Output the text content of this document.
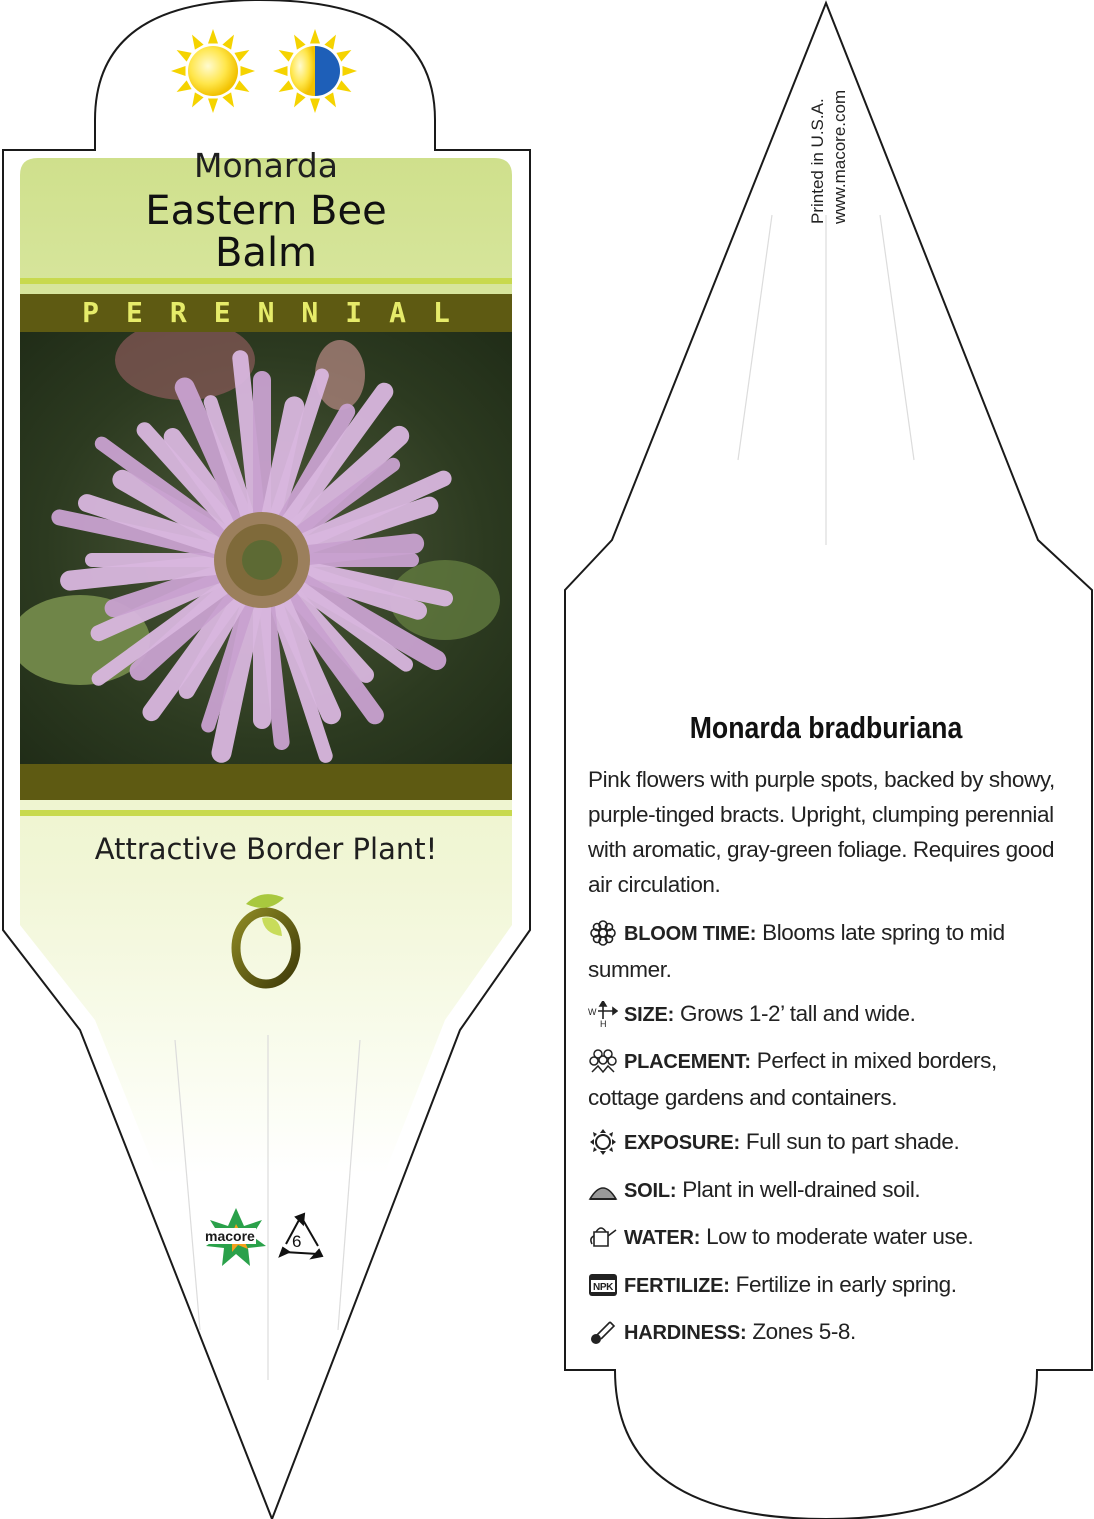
Monarda
Eastern Bee
Balm
PERENNIAL
Attractive Border Plant!
macore 6
Printed in U.S.A. www.macore.com
Monarda bradburiana
Pink flowers with purple spots, backed by showy, purple-tinged bracts. Upright, clumping perennial with aromatic, gray-green foliage. Requires good air circulation.
BLOOM TIME: Blooms late spring to mid summer.
W
H SIZE: Grows 1-2’ tall and wide.
PLACEMENT: Perfect in mixed borders, cottage gardens and containers.
EXPOSURE: Full sun to part shade.
SOIL: Plant in well-drained soil.
WATER: Low to moderate water use.
NPK FERTILIZE: Fertilize in early spring.
HARDINESS: Zones 5-8.
